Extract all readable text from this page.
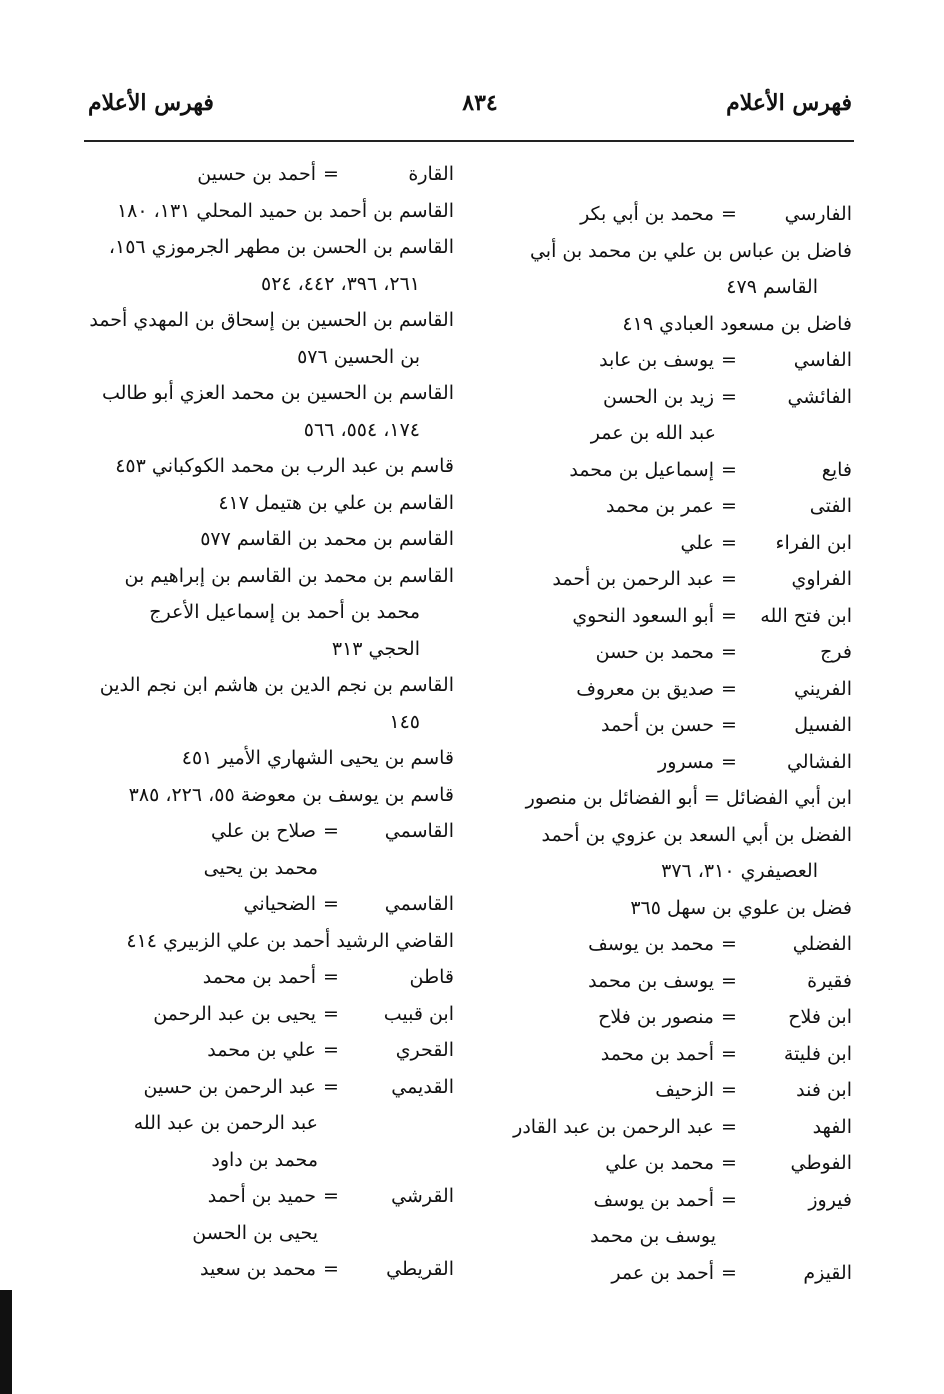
فهرس الأعلام
٨٣٤
فهرس الأعلام
الفارسي
=
محمد بن أبي بكر
فاضل بن عباس بن علي بن محمد بن أبي
القاسم ٤٧٩
فاضل بن مسعود العبادي ٤١٩
الفاسي
=
يوسف بن عابد
الفائشي
=
زيد بن الحسن
عبد الله بن عمر
فايع
=
إسماعيل بن محمد
الفتى
=
عمر بن محمد
ابن الفراء
=
علي
الفراوي
=
عبد الرحمن بن أحمد
ابن فتح الله
=
أبو السعود النحوي
فرج
=
محمد بن حسن
الفريني
=
صديق بن معروف
الفسيل
=
حسن بن أحمد
الفشالي
=
مسرور
ابن أبي الفضائل = أبو الفضائل بن منصور
الفضل بن أبي السعد بن عزوي بن أحمد
العصيفري ٣١٠، ٣٧٦
فضل بن علوي بن سهل ٣٦٥
الفضلي
=
محمد بن يوسف
فقيرة
=
يوسف بن محمد
ابن فلاح
=
منصور بن فلاح
ابن فليتة
=
أحمد بن محمد
ابن فند
=
الزحيف
الفهد
=
عبد الرحمن بن عبد القادر
الفوطي
=
محمد بن علي
فيروز
=
أحمد بن يوسف
يوسف بن محمد
القيزم
=
أحمد بن عمر
القارة
=
أحمد بن حسين
القاسم بن أحمد بن حميد المحلي ١٣١، ١٨٠
القاسم بن الحسن بن مطهر الجرموزي ١٥٦،
٢٦١، ٣٩٦، ٤٤٢، ٥٢٤
القاسم بن الحسين بن إسحاق بن المهدي أحمد
بن الحسين ٥٧٦
القاسم بن الحسين بن محمد العزي أبو طالب
١٧٤، ٥٥٤، ٥٦٦
قاسم بن عبد الرب بن محمد الكوكباني ٤٥٣
القاسم بن علي بن هتيمل ٤١٧
القاسم بن محمد بن القاسم ٥٧٧
القاسم بن محمد بن القاسم بن إبراهيم بن
محمد بن أحمد بن إسماعيل الأعرج
الحجي ٣١٣
القاسم بن نجم الدين بن هاشم ابن نجم الدين
١٤٥
قاسم بن يحيى الشهاري الأمير ٤٥١
قاسم بن يوسف بن معوضة ٥٥، ٢٢٦، ٣٨٥
القاسمي
=
صلاح بن علي
محمد بن يحيى
القاسمي
=
الضحياني
القاضي الرشيد أحمد بن علي الزبيري ٤١٤
قاطن
=
أحمد بن محمد
ابن قبيب
=
يحيى بن عبد الرحمن
القحري
=
علي بن محمد
القديمي
=
عبد الرحمن بن حسين
عبد الرحمن بن عبد الله
محمد بن داود
القرشي
=
حميد بن أحمد
يحيى بن الحسن
القريطي
=
محمد بن سعيد
